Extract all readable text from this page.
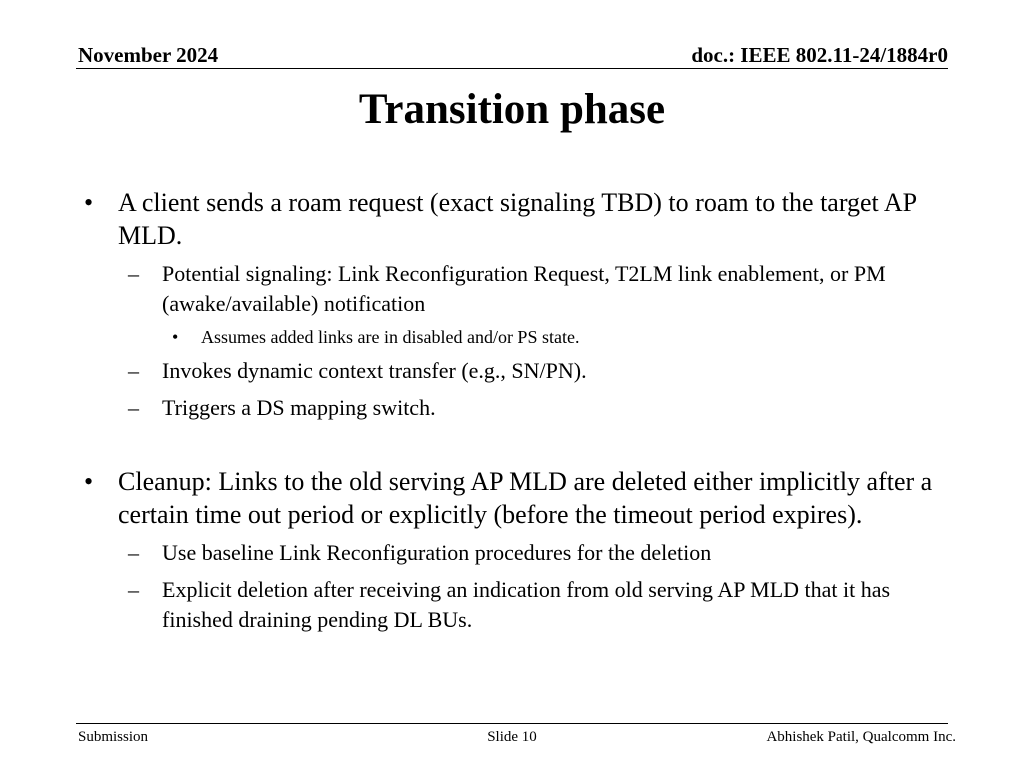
November 2024	doc.: IEEE 802.11-24/1884r0
Transition phase
• A client sends a roam request (exact signaling TBD) to roam to the target AP MLD.
– Potential signaling: Link Reconfiguration Request, T2LM link enablement, or PM (awake/available) notification
• Assumes added links are in disabled and/or PS state.
– Invokes dynamic context transfer (e.g., SN/PN).
– Triggers a DS mapping switch.
• Cleanup: Links to the old serving AP MLD are deleted either implicitly after a certain time out period or explicitly (before the timeout period expires).
– Use baseline Link Reconfiguration procedures for the deletion
– Explicit deletion after receiving an indication from old serving AP MLD that it has finished draining pending DL BUs.
Submission	Slide 10	Abhishek Patil, Qualcomm Inc.
